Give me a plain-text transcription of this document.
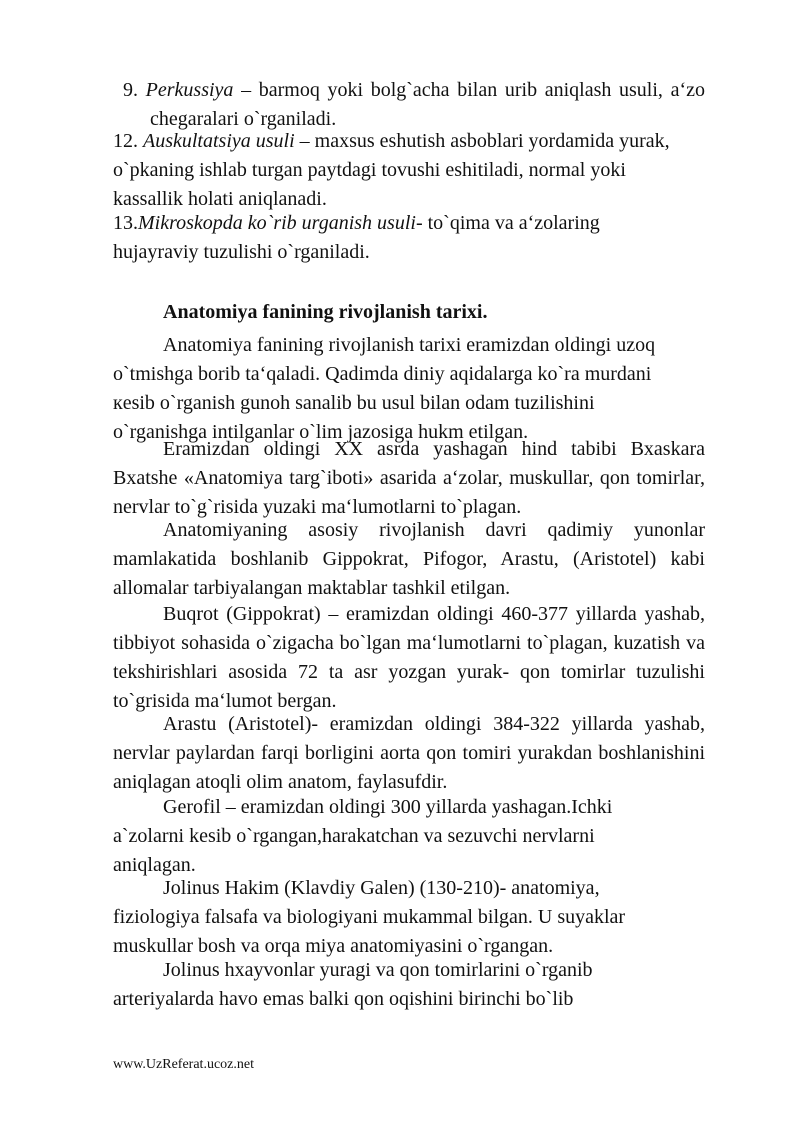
9. Perkussiya – barmoq yoki bolg`acha bilan urib aniqlash usuli, a‘zo chegaralari o`rganiladi.
12. Auskultatsiya usuli – maxsus eshutish asboblari yordamida yurak, o`pkaning ishlab turgan paytdagi tovushi eshitiladi, normal yoki kassallik holati aniqlanadi.
13.Mikroskopda ko`rib urganish usuli- to`qima va a‘zolaring hujayraviy tuzulishi o`rganiladi.
Anatomiya fanining rivojlanish tarixi.

Anatomiya fanining rivojlanish tarixi eramizdan oldingi uzoq o`tmishga borib ta‘qaladi. Qadimda diniy aqidalarga ko`ra murdani кesib o`rganish gunoh sanalib bu usul bilan odam tuzilishini o`rganishga intilganlar o`lim jazosiga hukm etilgan.

Eramizdan oldingi XX asrda yashagan hind tabibi Bxaskara Bxatshe «Anatomiya targ`iboti» asarida a‘zolar, muskullar, qon tomirlar, nervlar to`g`risida yuzaki ma‘lumotlarni to`plagan.

Anatomiyaning asosiy rivojlanish davri qadimiy yunonlar mamlakatida boshlanib Gippokrat, Pifogor, Arastu, (Aristotel) kabi allomalar tarbiyalangan maktablar tashkil etilgan.

Buqrot (Gippokrat) – eramizdan oldingi 460-377 yillarda yashab, tibbiyot sohasida o`zigacha bo`lgan ma‘lumotlarni to`plagan, kuzatish va tekshirishlari asosida 72 ta asr yozgan yurak- qon tomirlar tuzulishi to`grisida ma‘lumot bergan.

Arastu (Aristotel)- eramizdan oldingi 384-322 yillarda yashab, nervlar paylardan farqi borligini aorta qon tomiri yurakdan boshlanishini aniqlagan atoqli olim anatom, faylasufdir.

Gerofil – eramizdan oldingi 300 yillarda yashagan.Ichki a`zolarni kesib o`rgangan,harakatchan va sezuvchi nervlarni aniqlagan.

Jolinus Hakim (Klavdiy Galen) (130-210)- anatomiya, fiziologiya falsafa va biologiyani mukammal bilgan. U suyaklar muskullar bosh va orqa miya anatomiyasini o`rgangan.

Jolinus hxayvonlar yuragi va qon tomirlarini o`rganib arteriyalarda havo emas balki qon oqishini birinchi bo`lib

www.UzReferat.ucoz.net
